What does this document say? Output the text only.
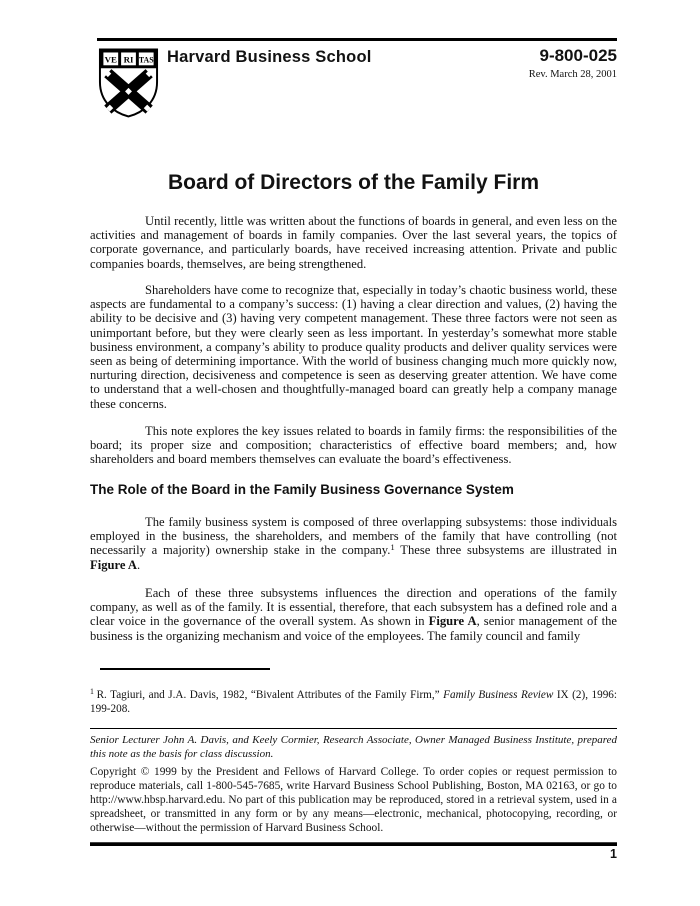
VE RI TAS Harvard Business School	9-800-025
Rev. March 28, 2001
Board of Directors of the Family Firm

Until recently, little was written about the functions of boards in general, and even less on the activities and management of boards in family companies. Over the last several years, the topics of corporate governance, and particularly boards, have received increasing attention. Private and public companies boards, themselves, are being strengthened.

Shareholders have come to recognize that, especially in today’s chaotic business world, these aspects are fundamental to a company’s success: (1) having a clear direction and values, (2) having the ability to be decisive and (3) having very competent management. These three factors were not seen as unimportant before, but they were clearly seen as less important. In yesterday’s somewhat more stable business environment, a company’s ability to produce quality products and deliver quality services were seen as being of determining importance. With the world of business changing much more quickly now, nurturing direction, decisiveness and competence is seen as deserving greater attention. We have come to understand that a well-chosen and thoughtfully-managed board can greatly help a company manage these concerns.

This note explores the key issues related to boards in family firms: the responsibilities of the board; its proper size and composition; characteristics of effective board members; and, how shareholders and board members themselves can evaluate the board’s effectiveness.

The Role of the Board in the Family Business Governance System

The family business system is composed of three overlapping subsystems: those individuals employed in the business, the shareholders, and members of the family that have controlling (not necessarily a majority) ownership stake in the company.$^1$ These three subsystems are illustrated in Figure A.

Each of these three subsystems influences the direction and operations of the family company, as well as of the family. It is essential, therefore, that each subsystem has a defined role and a clear voice in the governance of the overall system. As shown in Figure A, senior management of the business is the organizing mechanism and voice of the employees. The family council and family

$^1$ R. Tagiuri, and J.A. Davis, 1982, “Bivalent Attributes of the Family Firm,” Family Business Review IX (2), 1996: 199-208.

Senior Lecturer John A. Davis, and Keely Cormier, Research Associate, Owner Managed Business Institute, prepared this note as the basis for class discussion.

Copyright © 1999 by the President and Fellows of Harvard College. To order copies or request permission to reproduce materials, call 1-800-545-7685, write Harvard Business School Publishing, Boston, MA 02163, or go to http://www.hbsp.harvard.edu. No part of this publication may be reproduced, stored in a retrieval system, used in a spreadsheet, or transmitted in any form or by any means—electronic, mechanical, photocopying, recording, or otherwise—without the permission of Harvard Business School.

1
